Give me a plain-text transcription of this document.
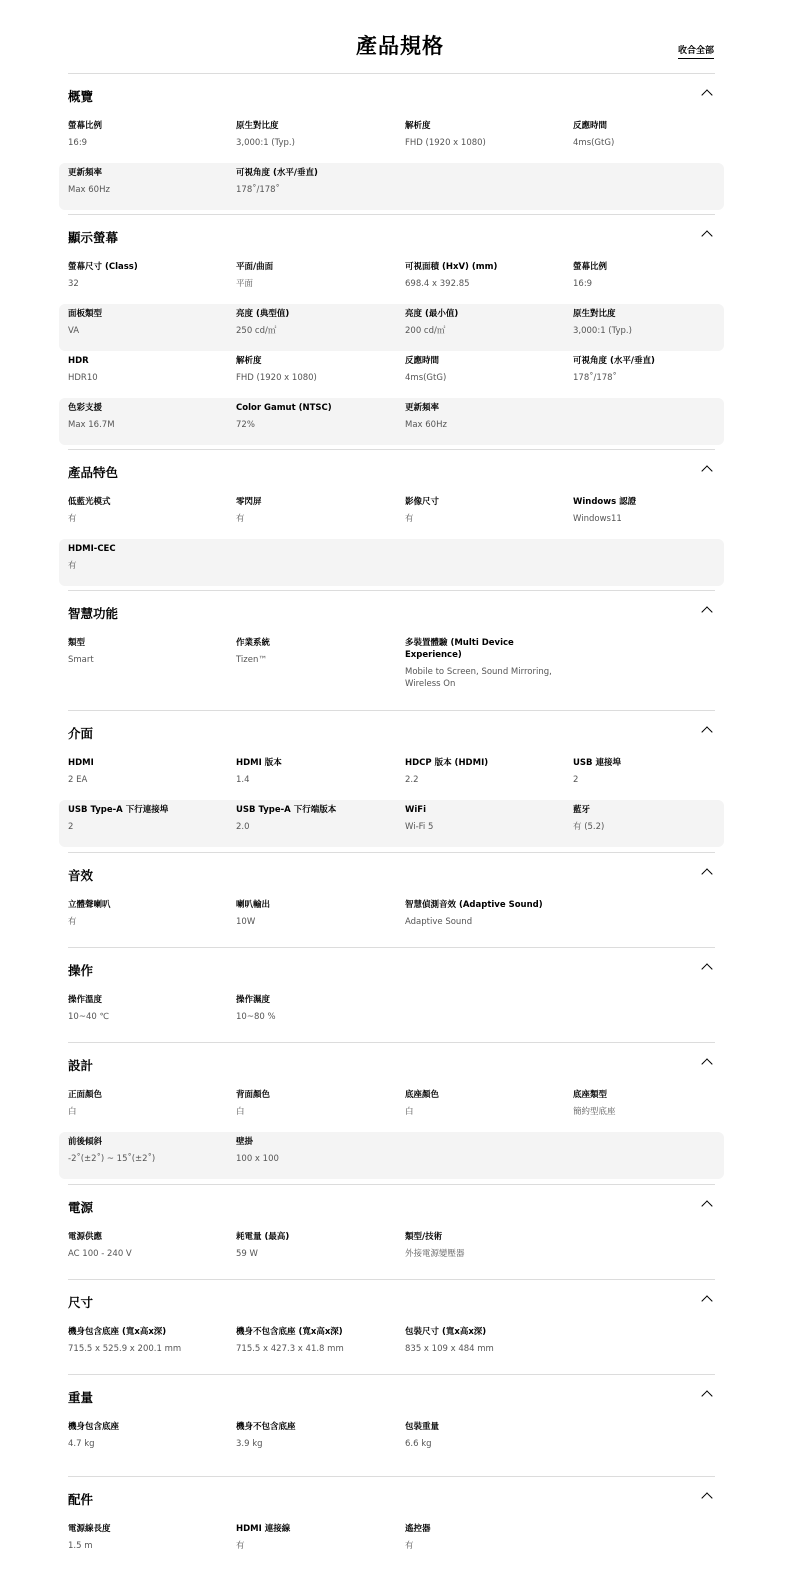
產品規格	收合全部
概覽
螢幕比例
16:9
原生對比度
3,000:1 (Typ.)
解析度
FHD (1920 x 1080)
反應時間
4ms(GtG)
更新頻率
Max 60Hz
可視角度 (水平/垂直)
178˚/178˚
顯示螢幕
螢幕尺寸 (Class)
32
平面/曲面
平面
可視面積 (HxV) (mm)
698.4 x 392.85
螢幕比例
16:9
面板類型
VA
亮度 (典型值)
250 cd/㎡
亮度 (最小值)
200 cd/㎡
原生對比度
3,000:1 (Typ.)
HDR
HDR10
解析度
FHD (1920 x 1080)
反應時間
4ms(GtG)
可視角度 (水平/垂直)
178˚/178˚
色彩支援
Max 16.7M
Color Gamut (NTSC)
72%
更新頻率
Max 60Hz
產品特色
低藍光模式
有
零閃屏
有
影像尺寸
有
Windows 認證
Windows11
HDMI-CEC
有
智慧功能
類型
Smart
作業系統
Tizen™
多裝置體驗 (Multi Device Experience)
Mobile to Screen, Sound Mirroring, Wireless On
介面
HDMI
2 EA
HDMI 版本
1.4
HDCP 版本 (HDMI)
2.2
USB 連接埠
2
USB Type-A 下行連接埠
2
USB Type-A 下行端版本
2.0
WiFi
Wi-Fi 5
藍牙
有 (5.2)
音效
立體聲喇叭
有
喇叭輸出
10W
智慧偵測音效 (Adaptive Sound)
Adaptive Sound
操作
操作溫度
10~40 ℃
操作濕度
10~80 %
設計
正面顏色
白
背面顏色
白
底座顏色
白
底座類型
簡約型底座
前後傾斜
-2˚(±2˚) ~ 15˚(±2˚)
壁掛
100 x 100
電源
電源供應
AC 100 - 240 V
耗電量 (最高)
59 W
類型/技術
外接電源變壓器
尺寸
機身包含底座 (寬x高x深)
715.5 x 525.9 x 200.1 mm
機身不包含底座 (寬x高x深)
715.5 x 427.3 x 41.8 mm
包裝尺寸 (寬x高x深)
835 x 109 x 484 mm
重量
機身包含底座
4.7 kg
機身不包含底座
3.9 kg
包裝重量
6.6 kg
配件
電源線長度
1.5 m
HDMI 連接線
有
遙控器
有
